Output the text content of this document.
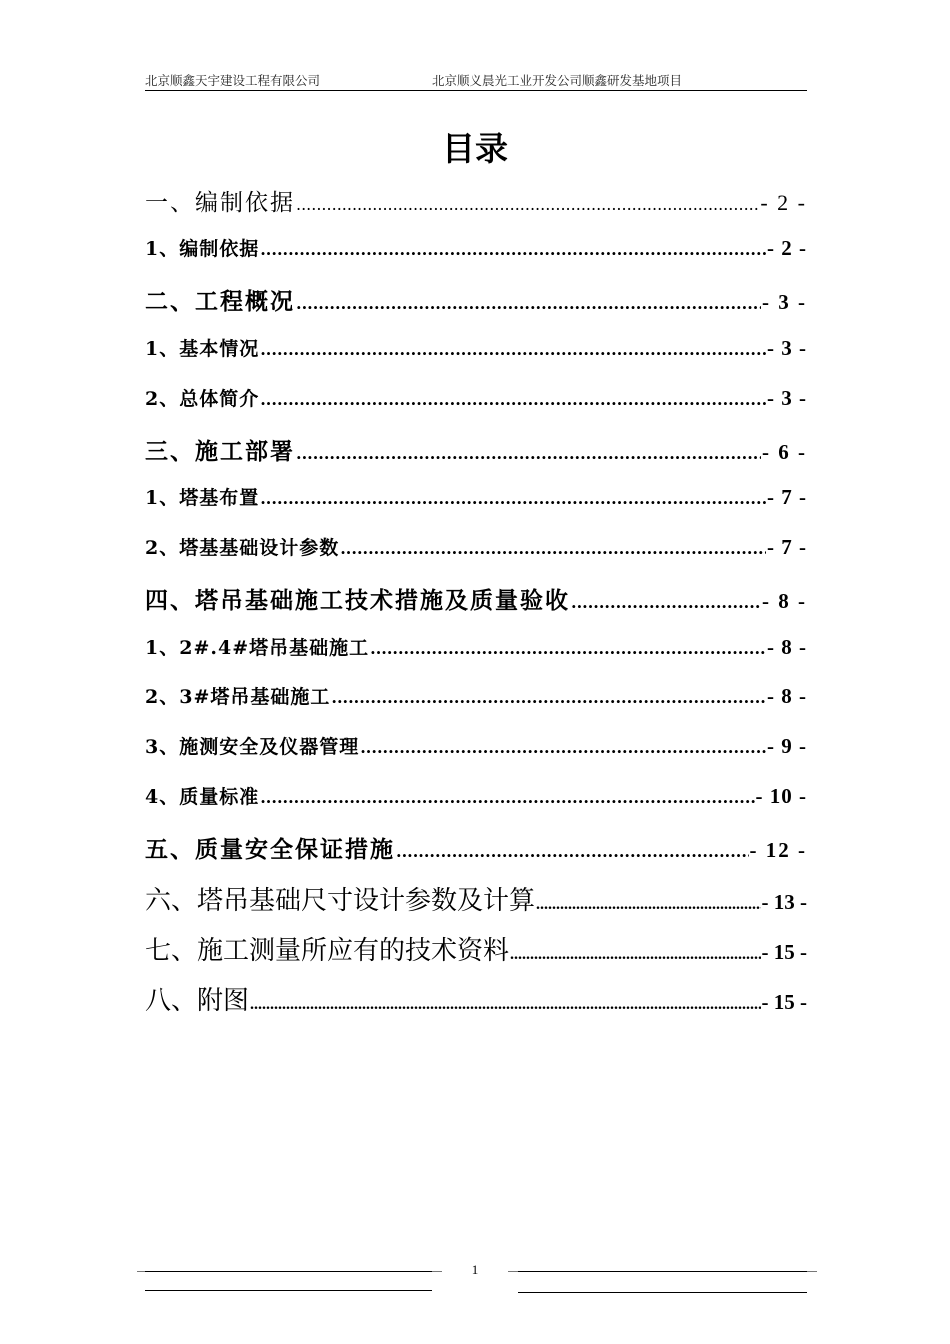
北京顺鑫天宇建设工程有限公司	北京顺义晨光工业开发公司顺鑫研发基地项目
目录
一、编制依据 .....	- 2 -
1、编制依据 .....	- 2 -
二、工程概况 .....	- 3 -
1、基本情况 .....	- 3 -
2、总体简介 .....	- 3 -
三、施工部署 .....	- 6 -
1、塔基布置 .....	- 7 -
2、塔基基础设计参数 .....	- 7 -
四、塔吊基础施工技术措施及质量验收 .....	- 8 -
1、2#.4#塔吊基础施工 .....	- 8 -
2、3#塔吊基础施工 .....	- 8 -
3、施测安全及仪器管理 .....	- 9 -
4、质量标准 .....	- 10 -
五、质量安全保证措施 .....	- 12 -
六、塔吊基础尺寸设计参数及计算 .....	- 13 -
七、施工测量所应有的技术资料 .....	- 15 -
八、附图 .....	- 15 -
1
